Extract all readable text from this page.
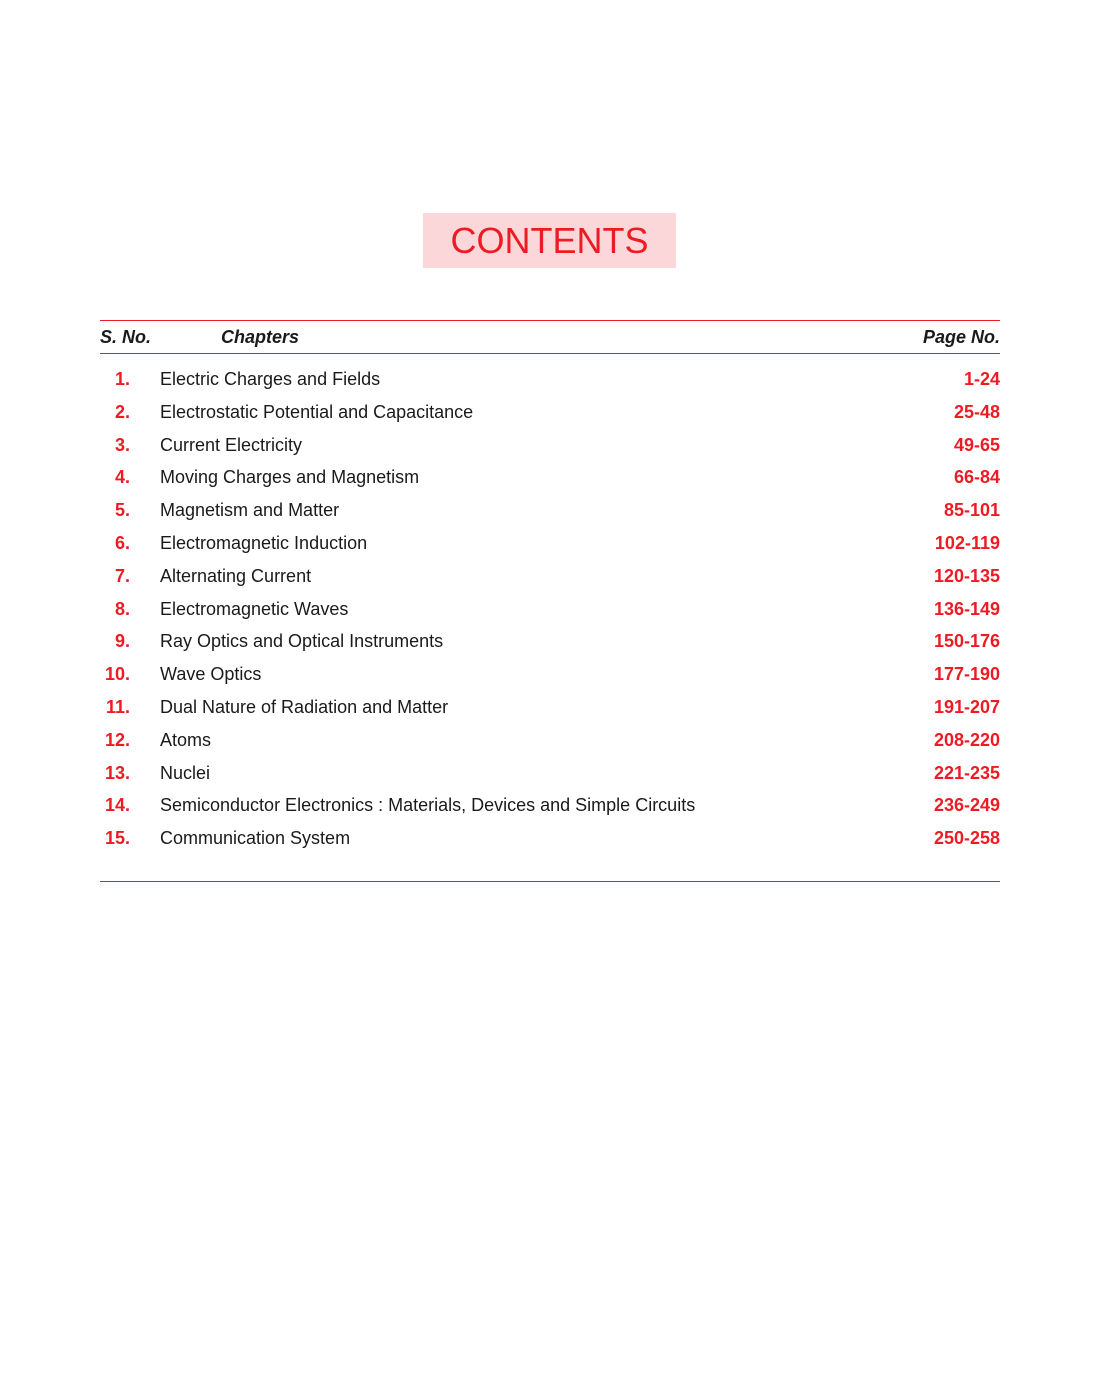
CONTENTS
S. No.	Chapters	Page No.
1. Electric Charges and Fields	1-24
2. Electrostatic Potential and Capacitance	25-48
3. Current Electricity	49-65
4. Moving Charges and Magnetism	66-84
5. Magnetism and Matter	85-101
6. Electromagnetic Induction	102-119
7. Alternating Current	120-135
8. Electromagnetic Waves	136-149
9. Ray Optics and Optical Instruments	150-176
10. Wave Optics	177-190
11. Dual Nature of Radiation and Matter	191-207
12. Atoms	208-220
13. Nuclei	221-235
14. Semiconductor Electronics : Materials, Devices and Simple Circuits	236-249
15. Communication System	250-258
